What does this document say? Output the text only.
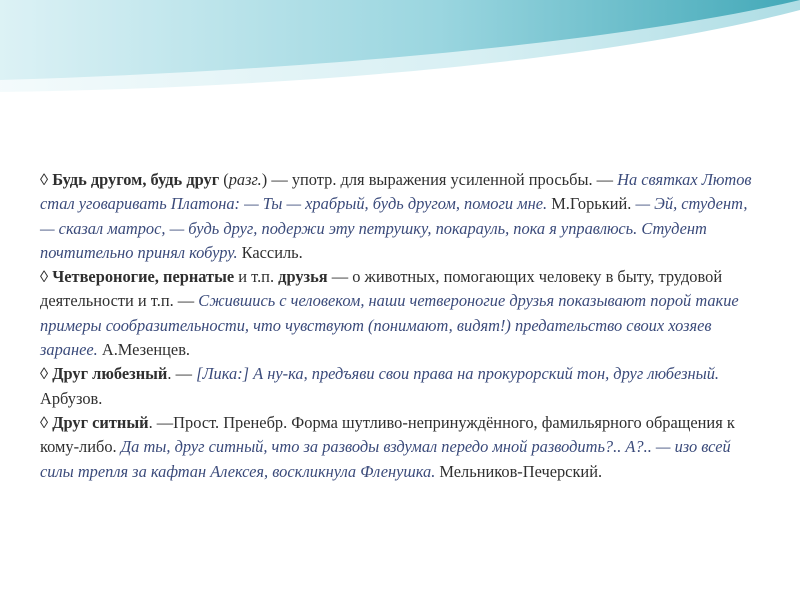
◊ Будь другом, будь друг (разг.) — употр. для выражения усиленной просьбы. — На святках Лютов стал уговаривать Платона: — Ты — храбрый, будь другом, помоги мне. М.Горький. — Эй, студент, — сказал матрос, — будь друг, подержи эту петрушку, покарауль, пока я управлюсь. Студент почтительно принял кобуру. Кассиль.

◊ Четвероногие, пернатые и т.п. друзья — о животных, помогающих человеку в быту, трудовой деятельности и т.п. — Сжившись с человеком, наши четвероногие друзья показывают порой такие примеры сообразительности, что чувствуют (понимают, видят!) предательство своих хозяев заранее. А.Мезенцев.

◊ Друг любезный. — [Лика:] А ну-ка, предъяви свои права на прокурорский тон, друг любезный. Арбузов.

◊ Друг ситный. —Прост. Пренебр. Форма шутливо-непринуждённого, фамильярного обращения к кому-либо. Да ты, друг ситный, что за разводы вздумал передо мной разводить?.. А?.. — изо всей силы трепля за кафтан Алексея, воскликнула Фленушка. Мельников-Печерский.
